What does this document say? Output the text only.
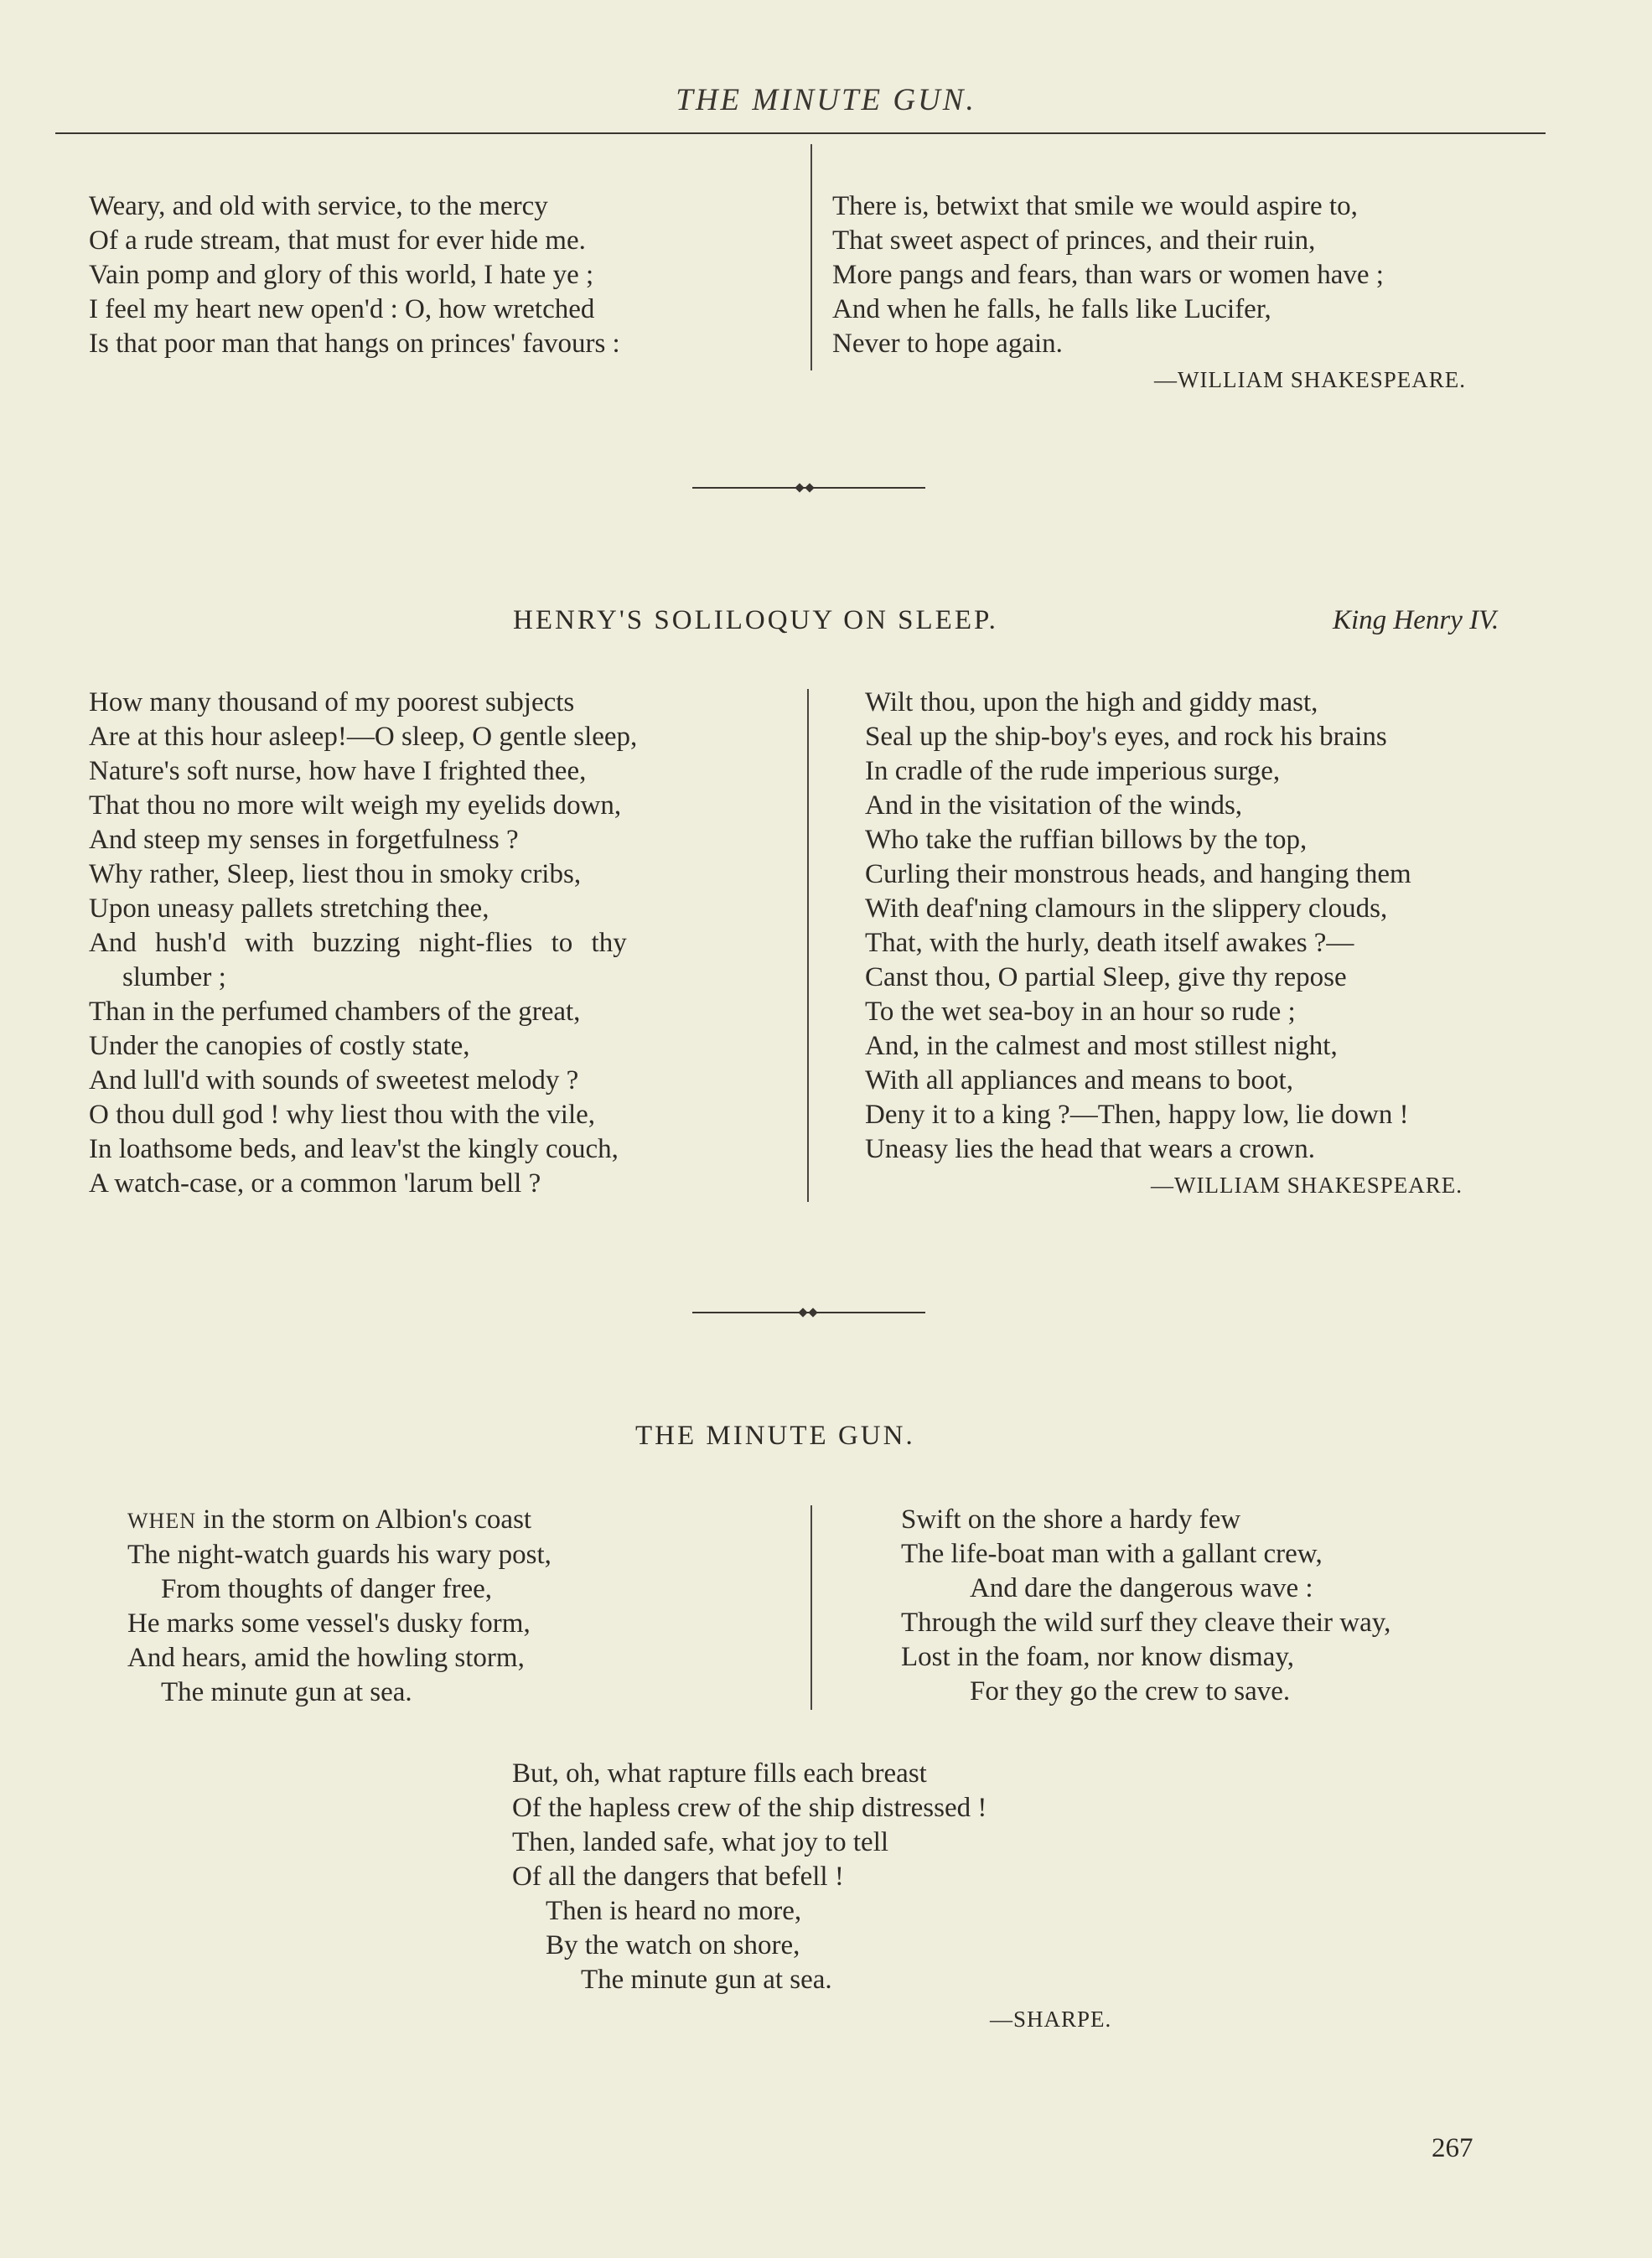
THE MINUTE GUN.
Weary, and old with service, to the mercy
Of a rude stream, that must for ever hide me.
Vain pomp and glory of this world, I hate ye ;
I feel my heart new open'd : O, how wretched
Is that poor man that hangs on princes' favours :
There is, betwixt that smile we would aspire to,
That sweet aspect of princes, and their ruin,
More pangs and fears, than wars or women have ;
And when he falls, he falls like Lucifer,
Never to hope again.
—WILLIAM SHAKESPEARE.
HENRY'S SOLILOQUY ON SLEEP.	King Henry IV.
How many thousand of my poorest subjects
Are at this hour asleep!—O sleep, O gentle sleep,
Nature's soft nurse, how have I frighted thee,
That thou no more wilt weigh my eyelids down,
And steep my senses in forgetfulness ?
Why rather, Sleep, liest thou in smoky cribs,
Upon uneasy pallets stretching thee,
And hush'd with buzzing night-flies to thy
slumber ;
Than in the perfumed chambers of the great,
Under the canopies of costly state,
And lull'd with sounds of sweetest melody ?
O thou dull god ! why liest thou with the vile,
In loathsome beds, and leav'st the kingly couch,
A watch-case, or a common 'larum bell ?
Wilt thou, upon the high and giddy mast,
Seal up the ship-boy's eyes, and rock his brains
In cradle of the rude imperious surge,
And in the visitation of the winds,
Who take the ruffian billows by the top,
Curling their monstrous heads, and hanging them
With deaf'ning clamours in the slippery clouds,
That, with the hurly, death itself awakes ?—
Canst thou, O partial Sleep, give thy repose
To the wet sea-boy in an hour so rude ;
And, in the calmest and most stillest night,
With all appliances and means to boot,
Deny it to a king ?—Then, happy low, lie down !
Uneasy lies the head that wears a crown.
—WILLIAM SHAKESPEARE.
THE MINUTE GUN.
WHEN in the storm on Albion's coast
The night-watch guards his wary post,
From thoughts of danger free,
He marks some vessel's dusky form,
And hears, amid the howling storm,
The minute gun at sea.
Swift on the shore a hardy few
The life-boat man with a gallant crew,
And dare the dangerous wave :
Through the wild surf they cleave their way,
Lost in the foam, nor know dismay,
For they go the crew to save.
But, oh, what rapture fills each breast
Of the hapless crew of the ship distressed !
Then, landed safe, what joy to tell
Of all the dangers that befell !
Then is heard no more,
By the watch on shore,
The minute gun at sea.
—SHARPE.
267
